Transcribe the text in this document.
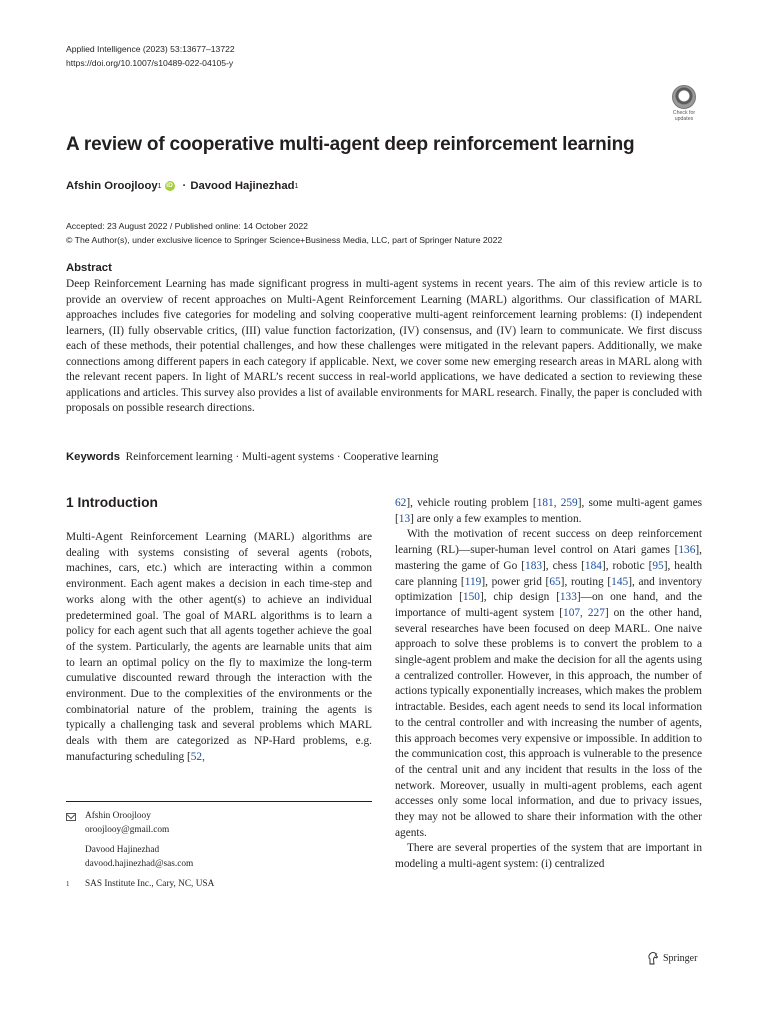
Applied Intelligence (2023) 53:13677–13722
https://doi.org/10.1007/s10489-022-04105-y
Check for updates
A review of cooperative multi-agent deep reinforcement learning
Afshin Oroojlooy 1 iD · Davood Hajinezhad 1
Accepted: 23 August 2022 / Published online: 14 October 2022
© The Author(s), under exclusive licence to Springer Science+Business Media, LLC, part of Springer Nature 2022
Abstract
Deep Reinforcement Learning has made significant progress in multi-agent systems in recent years. The aim of this review article is to provide an overview of recent approaches on Multi-Agent Reinforcement Learning (MARL) algorithms. Our classification of MARL approaches includes five categories for modeling and solving cooperative multi-agent reinforcement learning problems: (I) independent learners, (II) fully observable critics, (III) value function factorization, (IV) consensus, and (IV) learn to communicate. We first discuss each of these methods, their potential challenges, and how these challenges were mitigated in the relevant papers. Additionally, we make connections among different papers in each category if applicable. Next, we cover some new emerging research areas in MARL along with the relevant recent papers. In light of MARL’s recent success in real-world applications, we have dedicated a section to reviewing these applications and articles. This survey also provides a list of available environments for MARL research. Finally, the paper is concluded with proposals on possible research directions.
Keywords Reinforcement learning · Multi-agent systems · Cooperative learning
1 Introduction
Multi-Agent Reinforcement Learning (MARL) algorithms are dealing with systems consisting of several agents (robots, machines, cars, etc.) which are interacting within a common environment. Each agent makes a decision in each time-step and works along with the other agent(s) to achieve an individual predetermined goal. The goal of MARL algorithms is to learn a policy for each agent such that all agents together achieve the goal of the system. Particularly, the agents are learnable units that aim to learn an optimal policy on the fly to maximize the long-term cumulative discounted reward through the interaction with the environment. Due to the complexities of the environments or the combinatorial nature of the problem, training the agents is typically a challenging task and several problems which MARL deals with them are categorized as NP-Hard problems, e.g. manufacturing scheduling [52,

62], vehicle routing problem [181, 259], some multi-agent games [13] are only a few examples to mention.

With the motivation of recent success on deep reinforcement learning (RL)—super-human level control on Atari games [136], mastering the game of Go [183], chess [184], robotic [95], health care planning [119], power grid [65], routing [145], and inventory optimization [150], chip design [133]—on one hand, and the importance of multi-agent system [107, 227] on the other hand, several researches have been focused on deep MARL. One naive approach to solve these problems is to convert the problem to a single-agent problem and make the decision for all the agents using a centralized controller. However, in this approach, the number of actions typically exponentially increases, which makes the problem intractable. Besides, each agent needs to send its local information to the central controller and with increasing the number of agents, this approach becomes very expensive or impossible. In addition to the communication cost, this approach is vulnerable to the presence of the central unit and any incident that results in the loss of the network. Moreover, usually in multi-agent problems, each agent accesses only some local information, and due to privacy issues, they may not be allowed to share their information with the other agents.

There are several properties of the system that are important in modeling a multi-agent system: (i) centralized

Afshin Oroojlooy
oroojlooy@gmail.com
Davood Hajinezhad
davood.hajinezhad@sas.com
1	SAS Institute Inc., Cary, NC, USA
Springer
